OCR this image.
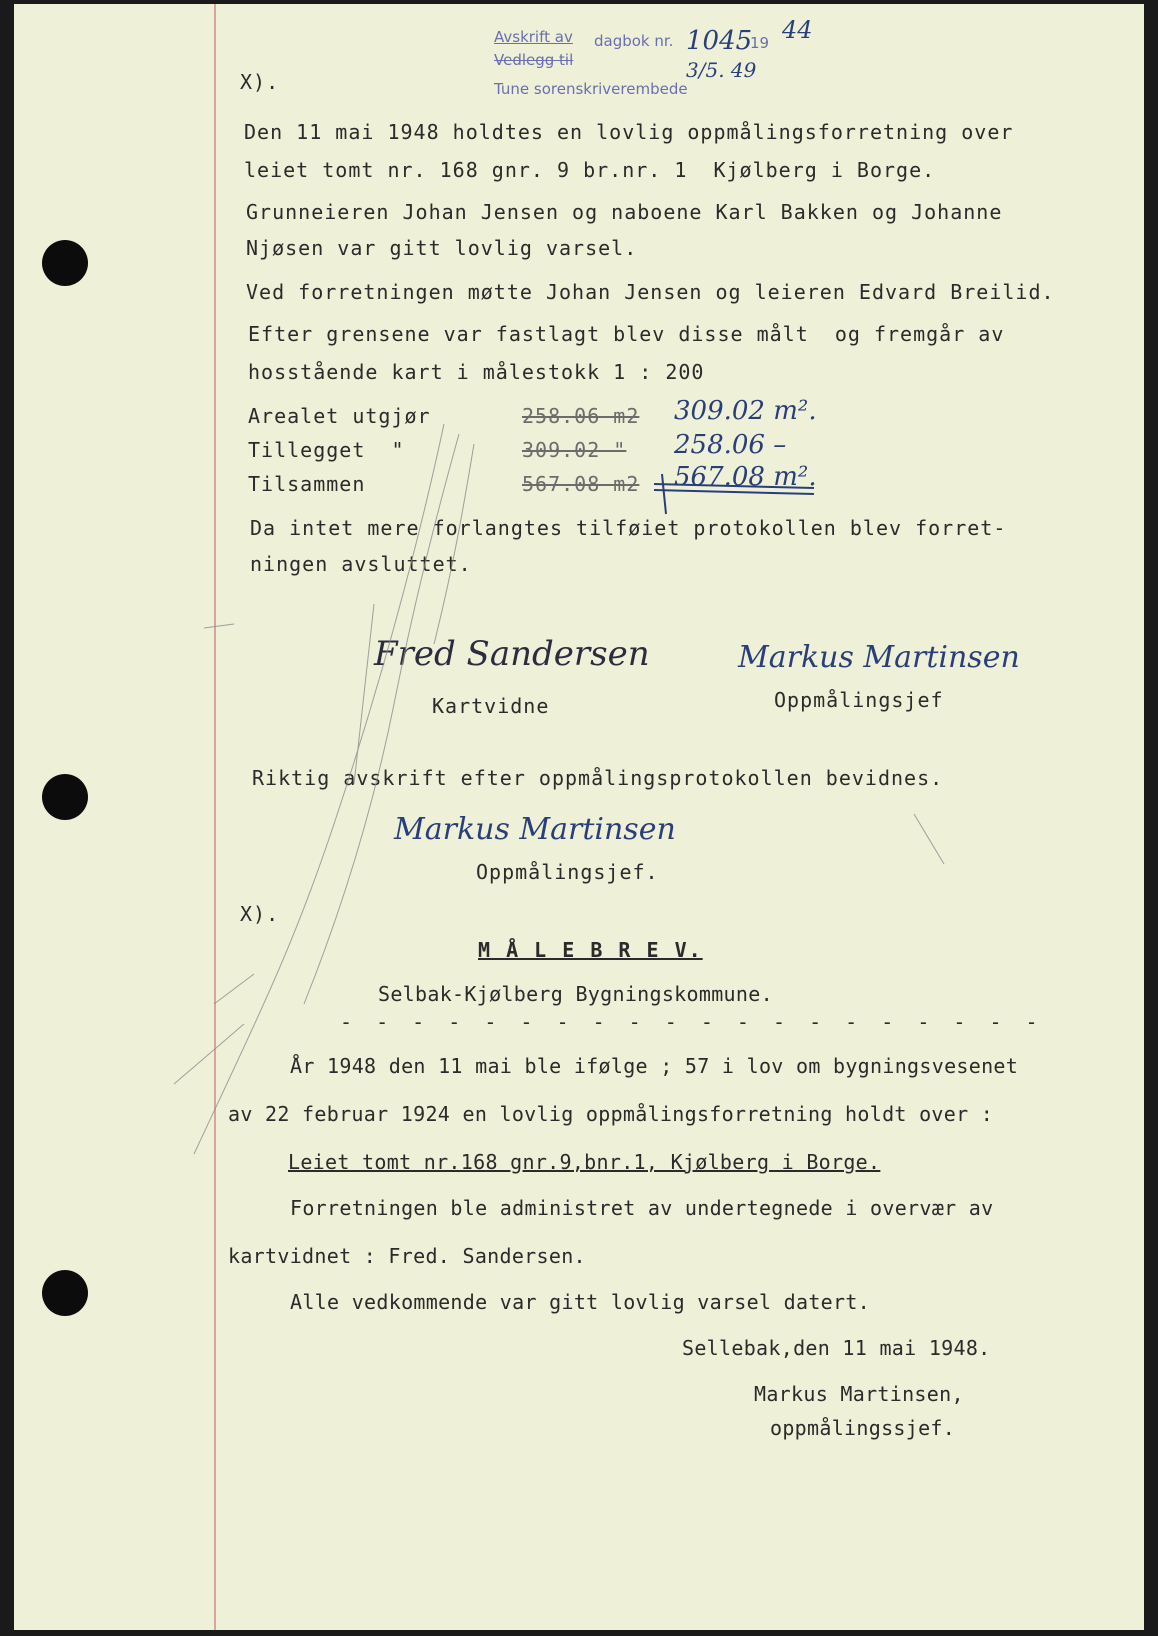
Avskrift av dagbok nr.	19
Vedlegg til
Tune sorenskriverembede
1045 44
3/5. 49
X).
Den 11 mai 1948 holdtes en lovlig oppmålingsforretning over
leiet tomt nr. 168 gnr. 9 br.nr. 1  Kjølberg i Borge.
Grunneieren Johan Jensen og naboene Karl Bakken og Johanne
Njøsen var gitt lovlig varsel.
Ved forretningen møtte Johan Jensen og leieren Edvard Breilid.
Efter grensene var fastlagt blev disse målt  og fremgår av
hosstående kart i målestokk 1 : 200
Arealet utgjør	258.06 m2 309.02 m².
Tillegget  "	309.02 " 258.06 –
Tilsammen	567.08 m2 567.08 m².
Da intet mere forlangtes tilføiet protokollen blev forret-
ningen avsluttet.
Fred Sandersen
Kartvidne
Markus Martinsen
Oppmålingsjef
Riktig avskrift efter oppmålingsprotokollen bevidnes.
Markus Martinsen
Oppmålingsjef.
X).
M Å L E B R E V.
Selbak-Kjølberg Bygningskommune.
- - - - - - - - - - - - - - - - - - - -
År 1948 den 11 mai ble ifølge ; 57 i lov om bygningsvesenet
av 22 februar 1924 en lovlig oppmålingsforretning holdt over :
Leiet tomt nr.168 gnr.9,bnr.1, Kjølberg i Borge.
Forretningen ble administret av undertegnede i overvær av
kartvidnet : Fred. Sandersen.
Alle vedkommende var gitt lovlig varsel datert.
Sellebak,den 11 mai 1948.
Markus Martinsen,
oppmålingssjef.
